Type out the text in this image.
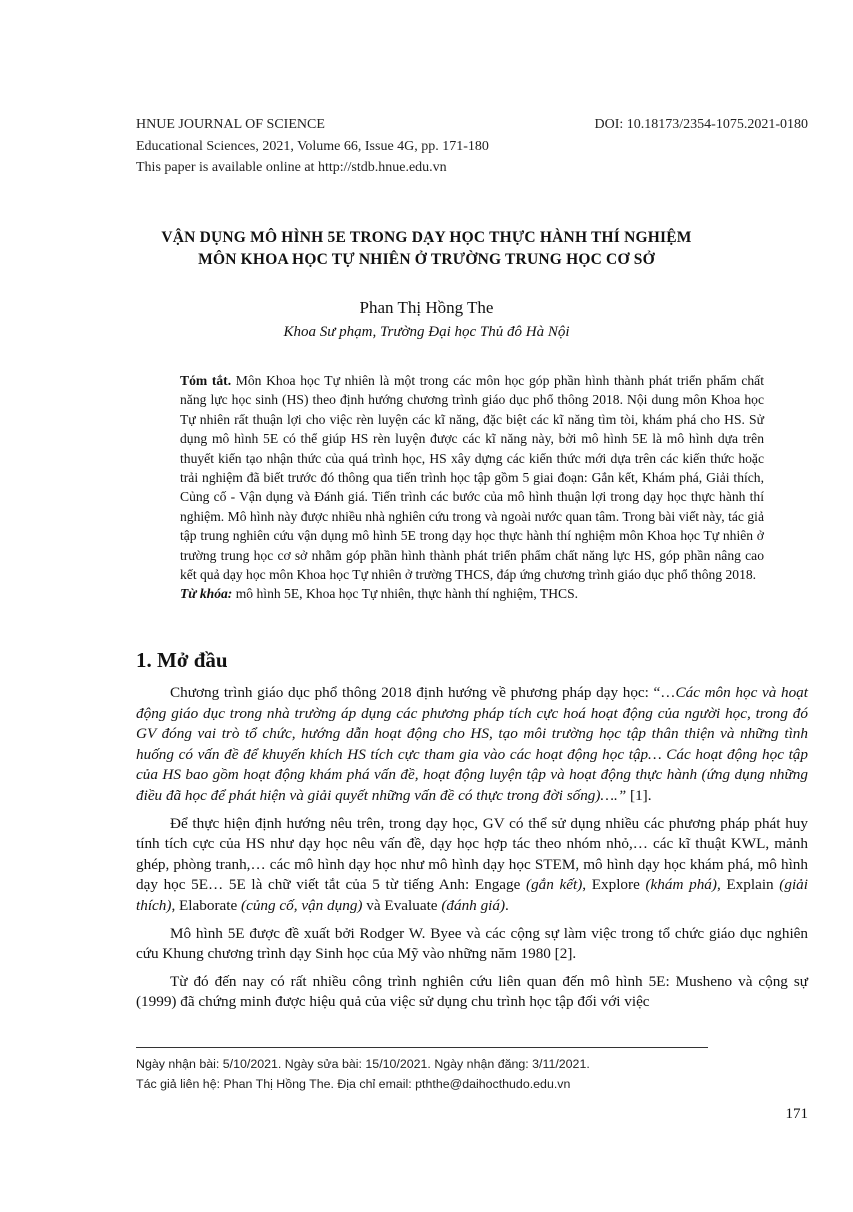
HNUE JOURNAL OF SCIENCE	DOI: 10.18173/2354-1075.2021-0180
Educational Sciences, 2021, Volume 66, Issue 4G, pp. 171-180
This paper is available online at http://stdb.hnue.edu.vn
VẬN DỤNG MÔ HÌNH 5E TRONG DẠY HỌC THỰC HÀNH THÍ NGHIỆM
MÔN KHOA HỌC TỰ NHIÊN Ở TRƯỜNG TRUNG HỌC CƠ SỞ
Phan Thị Hồng The
Khoa Sư phạm, Trường Đại học Thủ đô Hà Nội

Tóm tắt. Môn Khoa học Tự nhiên là một trong các môn học góp phần hình thành phát triển phẩm chất năng lực học sinh (HS) theo định hướng chương trình giáo dục phổ thông 2018. Nội dung môn Khoa học Tự nhiên rất thuận lợi cho việc rèn luyện các kĩ năng, đặc biệt các kĩ năng tìm tòi, khám phá cho HS. Sử dụng mô hình 5E có thể giúp HS rèn luyện được các kĩ năng này, bởi mô hình 5E là mô hình dựa trên thuyết kiến tạo nhận thức của quá trình học, HS xây dựng các kiến thức mới dựa trên các kiến thức hoặc trải nghiệm đã biết trước đó thông qua tiến trình học tập gồm 5 giai đoạn: Gắn kết, Khám phá, Giải thích, Củng cố - Vận dụng và Đánh giá. Tiến trình các bước của mô hình thuận lợi trong dạy học thực hành thí nghiệm. Mô hình này được nhiều nhà nghiên cứu trong và ngoài nước quan tâm. Trong bài viết này, tác giả tập trung nghiên cứu vận dụng mô hình 5E trong dạy học thực hành thí nghiệm môn Khoa học Tự nhiên ở trường trung học cơ sở nhằm góp phần hình thành phát triển phẩm chất năng lực HS, góp phần nâng cao kết quả dạy học môn Khoa học Tự nhiên ở trường THCS, đáp ứng chương trình giáo dục phổ thông 2018.

Từ khóa: mô hình 5E, Khoa học Tự nhiên, thực hành thí nghiệm, THCS.

1. Mở đầu

Chương trình giáo dục phổ thông 2018 định hướng về phương pháp dạy học: “…Các môn học và hoạt động giáo dục trong nhà trường áp dụng các phương pháp tích cực hoá hoạt động của người học, trong đó GV đóng vai trò tổ chức, hướng dẫn hoạt động cho HS, tạo môi trường học tập thân thiện và những tình huống có vấn đề để khuyến khích HS tích cực tham gia vào các hoạt động học tập… Các hoạt động học tập của HS bao gồm hoạt động khám phá vấn đề, hoạt động luyện tập và hoạt động thực hành (ứng dụng những điều đã học để phát hiện và giải quyết những vấn đề có thực trong đời sống)….” [1].

Để thực hiện định hướng nêu trên, trong dạy học, GV có thể sử dụng nhiều các phương pháp phát huy tính tích cực của HS như dạy học nêu vấn đề, dạy học hợp tác theo nhóm nhỏ,… các kĩ thuật KWL, mảnh ghép, phòng tranh,… các mô hình dạy học như mô hình dạy học STEM, mô hình dạy học khám phá, mô hình dạy học 5E… 5E là chữ viết tắt của 5 từ tiếng Anh: Engage (gắn kết), Explore (khám phá), Explain (giải thích), Elaborate (củng cố, vận dụng) và Evaluate (đánh giá).

Mô hình 5E được đề xuất bởi Rodger W. Byee và các cộng sự làm việc trong tổ chức giáo dục nghiên cứu Khung chương trình dạy Sinh học của Mỹ vào những năm 1980 [2].

Từ đó đến nay có rất nhiều công trình nghiên cứu liên quan đến mô hình 5E: Musheno và cộng sự (1999) đã chứng minh được hiệu quả của việc sử dụng chu trình học tập đối với việc

Ngày nhận bài: 5/10/2021. Ngày sửa bài: 15/10/2021. Ngày nhận đăng: 3/11/2021.
Tác giả liên hệ: Phan Thị Hồng The. Địa chỉ email: pththe@daihocthudo.edu.vn
171
